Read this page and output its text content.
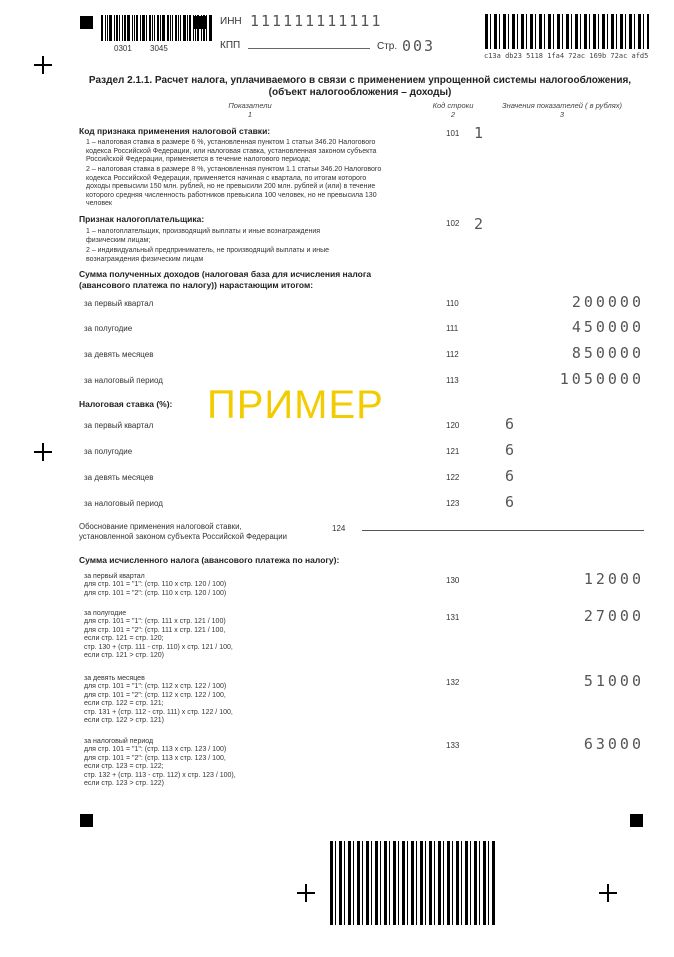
0301 3045
ИНН 111111111111
КПП	Стр. 003
c13a db23 5118 1fa4 72ac 169b 72ac afd5
Раздел 2.1.1. Расчет налога, уплачиваемого в связи с применением упрощенной системы налогообложения,
(объект налогообложения – доходы)
Показатели
1
Код строки
2
Значения показателей ( в рублях)
3
Код признака применения налоговой ставки:
1 – налоговая ставка в размере 6 %, установленная пунктом 1 статьи 346.20 Налогового
кодекса Российской Федерации, или налоговая ставка, установленная законом субъекта
Российской Федерации, применяется в течение налогового периода;
2 – налоговая ставка в размере 8 %, установленная пунктом 1.1 статьи 346.20 Налогового
кодекса Российской Федерации, применяется начиная с квартала, по итогам которого
доходы превысили 150 млн. рублей, но не превысили 200 млн. рублей и (или) в течение
которого средняя численность работников превысила 100 человек, но не превысила 130
человек
101 1
Признак налогоплательщика:
1 – налогоплательщик, производящий выплаты и иные вознаграждения
физическим лицам;
2 – индивидуальный предприниматель, не производящий выплаты и иные
вознаграждения физическим лицам
102 2
Сумма полученных доходов (налоговая база для исчисления налога
(авансового платежа по налогу)) нарастающим итогом:
за первый квартал	110	200000
за полугодие	111	450000
за девять месяцев	112	850000
за налоговый период	113	1050000
ПРИМЕР
Налоговая ставка (%):
за первый квартал	120	6
за полугодие	121	6
за девять месяцев	122	6
за налоговый период	123	6
Обоснование применения налоговой ставки,
установленной законом субъекта Российской Федерации
124
Сумма исчисленного налога (авансового платежа по налогу):
за первый квартал
для стр. 101 = "1": (стр. 110 х стр. 120 / 100)
для стр. 101 = "2": (стр. 110 х стр. 120 / 100)
130	12000
за полугодие
для стр. 101 = "1": (стр. 111 х стр. 121 / 100)
для стр. 101 = "2": (стр. 111 х стр. 121 / 100,
если стр. 121 = стр. 120;
стр. 130 + (стр. 111 - стр. 110) х стр. 121 / 100,
если стр. 121 > стр. 120)
131	27000
за девять месяцев
для стр. 101 = "1": (стр. 112 х стр. 122 / 100)
для стр. 101 = "2": (стр. 112 х стр. 122 / 100,
если стр. 122 = стр. 121;
стр. 131 + (стр. 112 - стр. 111) х стр. 122 / 100,
если стр. 122 > стр. 121)
132	51000
за налоговый период
для стр. 101 = "1": (стр. 113 х стр. 123 / 100)
для стр. 101 = "2": (стр. 113 х стр. 123 / 100,
если стр. 123 = стр. 122;
стр. 132 + (стр. 113 - стр. 112) х стр. 123 / 100),
если стр. 123 > стр. 122)
133	63000
